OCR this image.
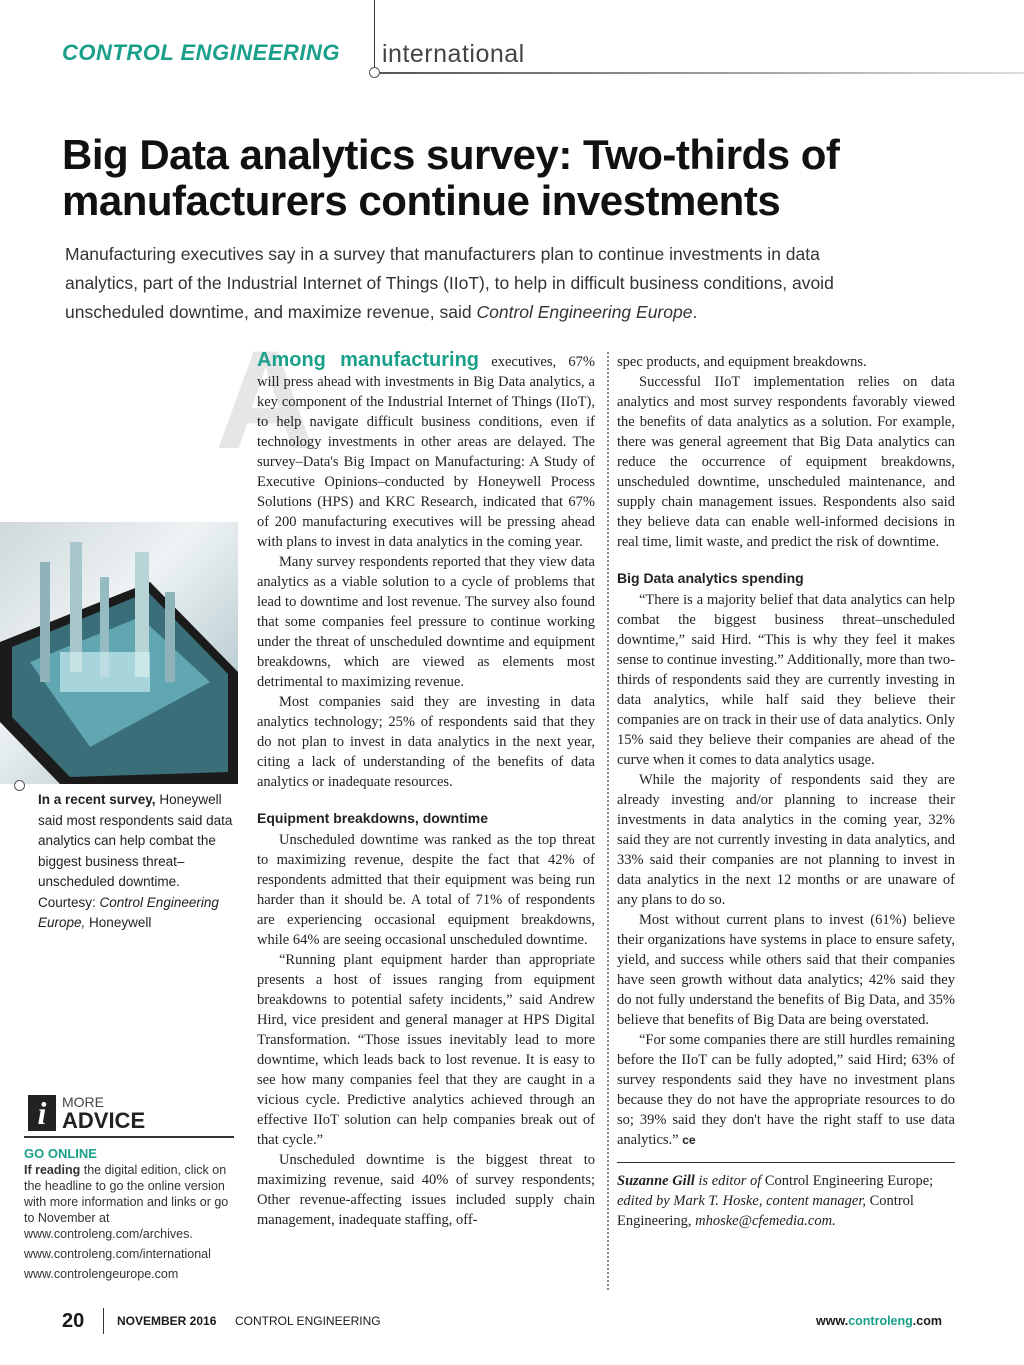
CONTROL ENGINEERING international
Big Data analytics survey: Two-thirds of manufacturers continue investments
Manufacturing executives say in a survey that manufacturers plan to continue investments in data analytics, part of the Industrial Internet of Things (IIoT), to help in difficult business conditions, avoid unscheduled downtime, and maximize revenue, said Control Engineering Europe.
A
In a recent survey, Honeywell said most respondents said data analytics can help combat the biggest business threat–unscheduled downtime. Courtesy: Control Engineering Europe, Honeywell
i	MORE
ADVICE
GO ONLINE
If reading the digital edition, click on the headline to go the online version with more information and links or go to November at www.controleng.com/archives.
www.controleng.com/international
www.controlengeurope.com

Among manufacturing executives, 67% will press ahead with investments in Big Data analytics, a key component of the Industrial Internet of Things (IIoT), to help navigate difficult business conditions, even if technology investments in other areas are delayed. The survey–Data's Big Impact on Manufacturing: A Study of Executive Opinions–conducted by Honeywell Process Solutions (HPS) and KRC Research, indicated that 67% of 200 manufacturing executives will be pressing ahead with plans to invest in data analytics in the coming year.

Many survey respondents reported that they view data analytics as a viable solution to a cycle of problems that lead to downtime and lost revenue. The survey also found that some companies feel pressure to continue working under the threat of unscheduled downtime and equipment breakdowns, which are viewed as elements most detrimental to maximizing revenue.

Most companies said they are investing in data analytics technology; 25% of respondents said that they do not plan to invest in data analytics in the next year, citing a lack of understanding of the benefits of data analytics or inadequate resources.

Equipment breakdowns, downtime

Unscheduled downtime was ranked as the top threat to maximizing revenue, despite the fact that 42% of respondents admitted that their equipment was being run harder than it should be. A total of 71% of respondents are experiencing occasional equipment breakdowns, while 64% are seeing occasional unscheduled downtime.

“Running plant equipment harder than appropriate presents a host of issues ranging from equipment breakdowns to potential safety incidents,” said Andrew Hird, vice president and general manager at HPS Digital Transformation. “Those issues inevitably lead to more downtime, which leads back to lost revenue. It is easy to see how many companies feel that they are caught in a vicious cycle. Predictive analytics achieved through an effective IIoT solution can help companies break out of that cycle.”

Unscheduled downtime is the biggest threat to maximizing revenue, said 40% of survey respondents; Other revenue-affecting issues included supply chain management, inadequate staffing, off-

spec products, and equipment breakdowns.

Successful IIoT implementation relies on data analytics and most survey respondents favorably viewed the benefits of data analytics as a solution. For example, there was general agreement that Big Data analytics can reduce the occurrence of equipment breakdowns, unscheduled downtime, unscheduled maintenance, and supply chain management issues. Respondents also said they believe data can enable well-informed decisions in real time, limit waste, and predict the risk of downtime.

Big Data analytics spending

“There is a majority belief that data analytics can help combat the biggest business threat–unscheduled downtime,” said Hird. “This is why they feel it makes sense to continue investing.” Additionally, more than two-thirds of respondents said they are currently investing in data analytics, while half said they believe their companies are on track in their use of data analytics. Only 15% said they believe their companies are ahead of the curve when it comes to data analytics usage.

While the majority of respondents said they are already investing and/or planning to increase their investments in data analytics in the coming year, 32% said they are not currently investing in data analytics, and 33% said their companies are not planning to invest in data analytics in the next 12 months or are unaware of any plans to do so.

Most without current plans to invest (61%) believe their organizations have systems in place to ensure safety, yield, and success while others said that their companies have seen growth without data analytics; 42% said they do not fully understand the benefits of Big Data, and 35% believe that benefits of Big Data are being overstated.

“For some companies there are still hurdles remaining before the IIoT can be fully adopted,” said Hird; 63% of survey respondents said they have no investment plans because they do not have the appropriate resources to do so; 39% said they don't have the right staff to use data analytics.” ce

Suzanne Gill is editor of Control Engineering Europe; edited by Mark T. Hoske, content manager, Control Engineering, mhoske@cfemedia.com.
20	NOVEMBER 2016 CONTROL ENGINEERING	www.controleng.com
